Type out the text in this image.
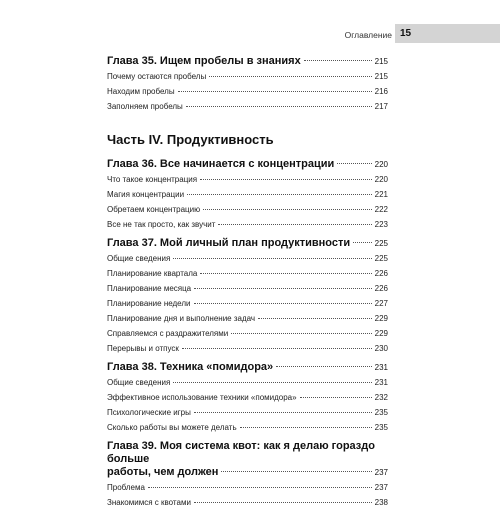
Оглавление 15
Глава 35. Ищем пробелы в знаниях	215
Почему остаются пробелы	215
Находим пробелы	216
Заполняем пробелы	217
Часть IV. Продуктивность
Глава 36. Все начинается с концентрации	220
Что такое концентрация	220
Магия концентрации	221
Обретаем концентрацию	222
Все не так просто, как звучит	223
Глава 37. Мой личный план продуктивности	225
Общие сведения	225
Планирование квартала	226
Планирование месяца	226
Планирование недели	227
Планирование дня и выполнение задач	229
Справляемся с раздражителями	229
Перерывы и отпуск	230
Глава 38. Техника «помидора»	231
Общие сведения	231
Эффективное использование техники «помидора»	232
Психологические игры	235
Сколько работы вы можете делать	235
Глава 39. Моя система квот: как я делаю гораздо больше
работы, чем должен	237
Проблема	237
Знакомимся с квотами	238
